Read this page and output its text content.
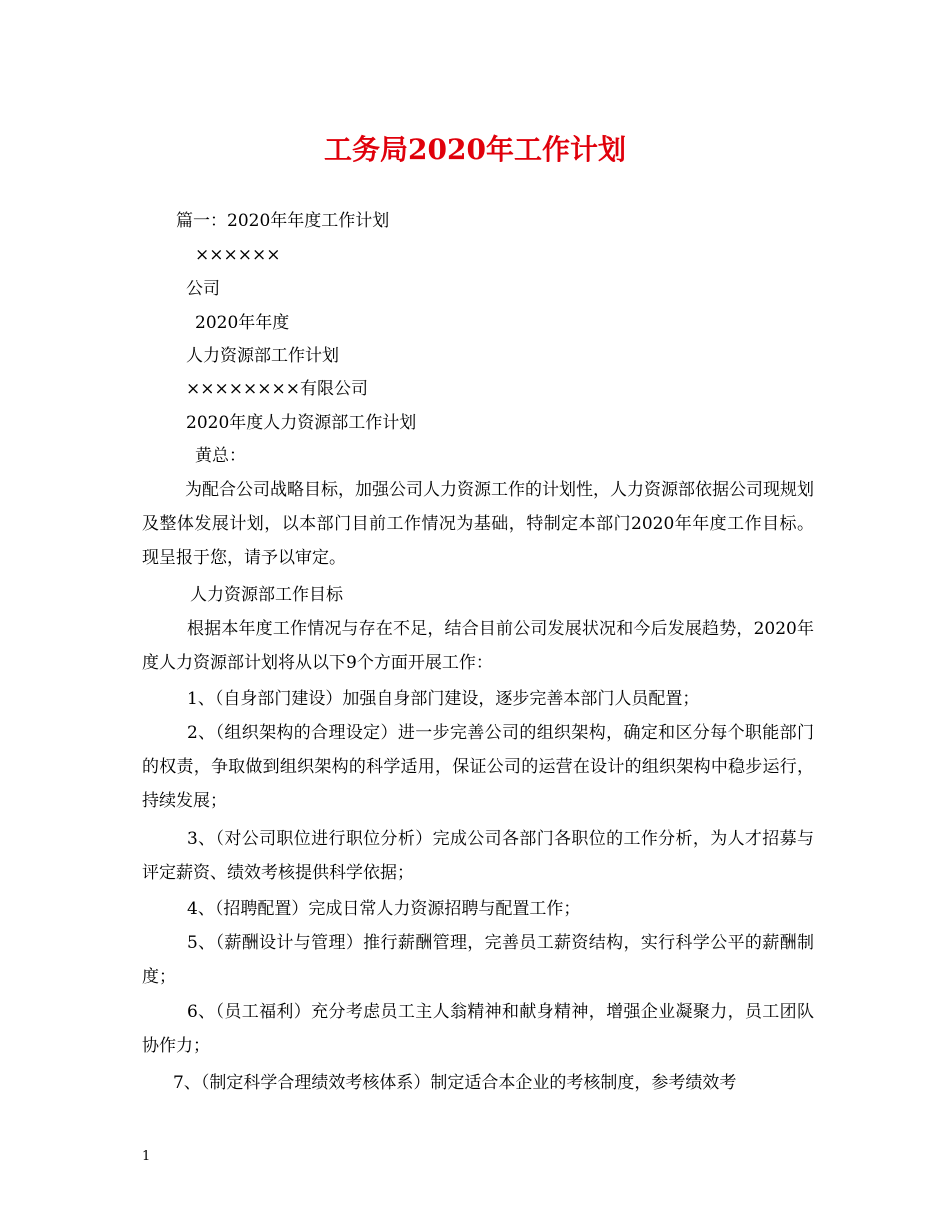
工务局2020年工作计划
篇一：2020年年度工作计划
××××××
公司
2020年年度
人力资源部工作计划
××××××××有限公司
2020年度人力资源部工作计划
黄总：
为配合公司战略目标，加强公司人力资源工作的计划性，人力资源部依据公司现规划及整体发展计划，以本部门目前工作情况为基础，特制定本部门2020年年度工作目标。现呈报于您，请予以审定。
人力资源部工作目标
根据本年度工作情况与存在不足，结合目前公司发展状况和今后发展趋势，2020年度人力资源部计划将从以下9个方面开展工作：
1、（自身部门建设）加强自身部门建设，逐步完善本部门人员配置；
2、（组织架构的合理设定）进一步完善公司的组织架构，确定和区分每个职能部门的权责，争取做到组织架构的科学适用，保证公司的运营在设计的组织架构中稳步运行，持续发展；
3、（对公司职位进行职位分析）完成公司各部门各职位的工作分析，为人才招募与评定薪资、绩效考核提供科学依据；
4、（招聘配置）完成日常人力资源招聘与配置工作；
5、（薪酬设计与管理）推行薪酬管理，完善员工薪资结构，实行科学公平的薪酬制度；
6、（员工福利）充分考虑员工主人翁精神和献身精神，增强企业凝聚力，员工团队协作力；
7、（制定科学合理绩效考核体系）制定适合本企业的考核制度，参考绩效考
1
